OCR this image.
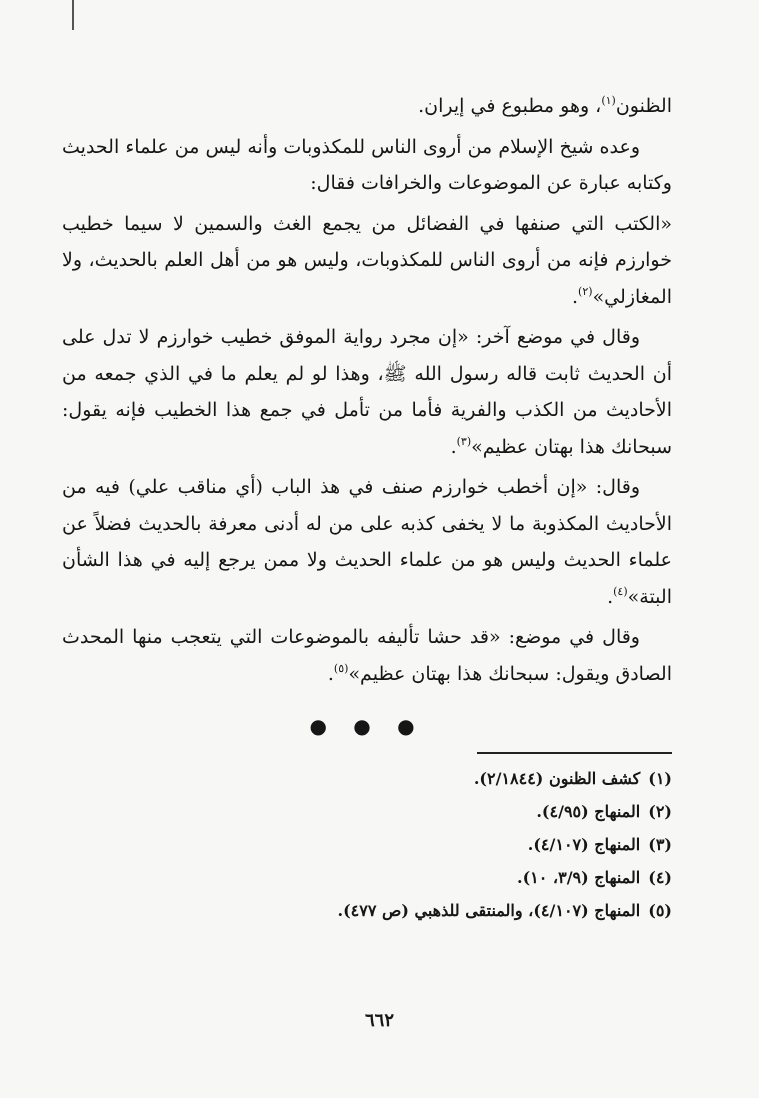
الظنون$^{(١)}$، وهو مطبوع في إيران.

وعده شيخ الإسلام من أروى الناس للمكذوبات وأنه ليس من علماء الحديث وكتابه عبارة عن الموضوعات والخرافات فقال:

«الكتب التي صنفها في الفضائل من يجمع الغث والسمين لا سيما خطيب خوارزم فإنه من أروى الناس للمكذوبات، وليس هو من أهل العلم بالحديث، ولا المغازلي»$^{(٢)}$.

وقال في موضع آخر: «إن مجرد رواية الموفق خطيب خوارزم لا تدل على أن الحديث ثابت قاله رسول الله ﷺ، وهذا لو لم يعلم ما في الذي جمعه من الأحاديث من الكذب والفرية فأما من تأمل في جمع هذا الخطيب فإنه يقول: سبحانك هذا بهتان عظيم»$^{(٣)}$.

وقال: «إن أخطب خوارزم صنف في هذ الباب (أي مناقب علي) فيه من الأحاديث المكذوبة ما لا يخفى كذبه على من له أدنى معرفة بالحديث فضلاً عن علماء الحديث وليس هو من علماء الحديث ولا ممن يرجع إليه في هذا الشأن البتة»$^{(٤)}$.

وقال في موضع: «قد حشا تأليفه بالموضوعات التي يتعجب منها المحدث الصادق ويقول: سبحانك هذا بهتان عظيم»$^{(٥)}$.

● ● ●
(١)كشف الظنون (٢/١٨٤٤).
(٢)المنهاج (٤/٩٥).
(٣)المنهاج (٤/١٠٧).
(٤)المنهاج (٣/٩، ١٠).
(٥)المنهاج (٤/١٠٧)، والمنتقى للذهبي (ص ٤٧٧).
٦٦٢
